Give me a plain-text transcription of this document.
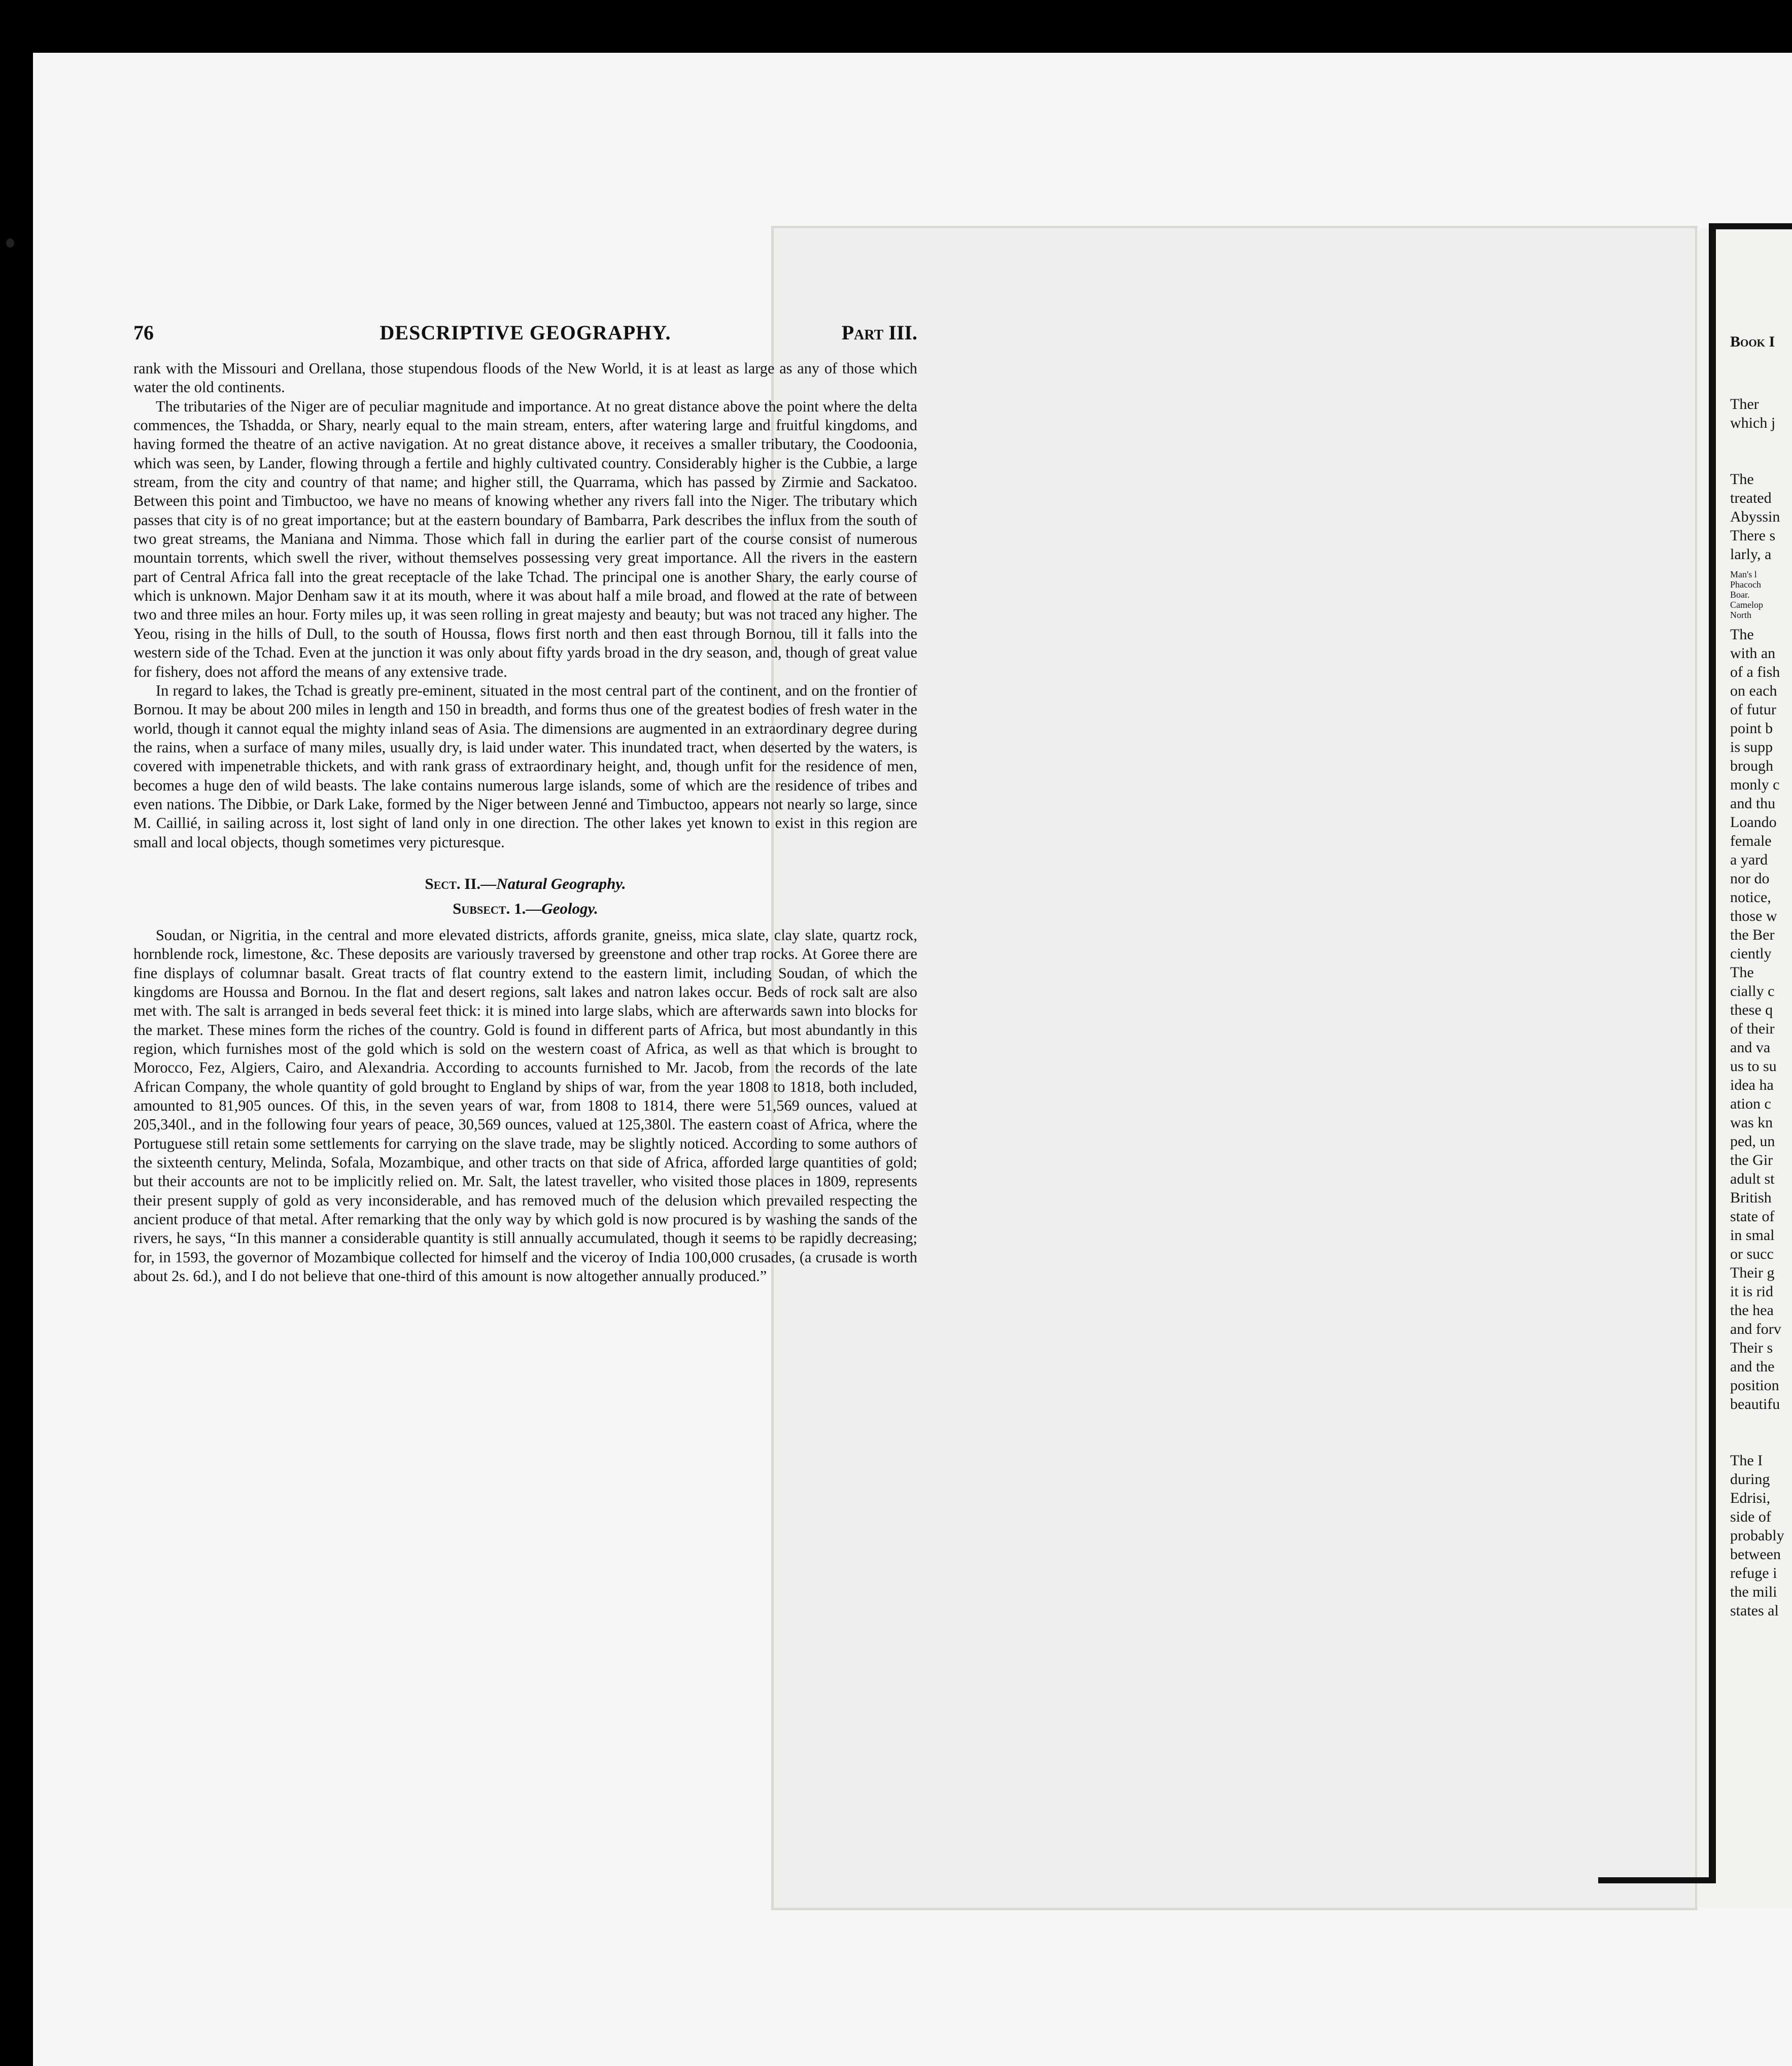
76	DESCRIPTIVE GEOGRAPHY.	Part III.

rank with the Missouri and Orellana, those stupendous floods of the New World, it is at least as large as any of those which water the old continents.

The tributaries of the Niger are of peculiar magnitude and importance. At no great distance above the point where the delta commences, the Tshadda, or Shary, nearly equal to the main stream, enters, after watering large and fruitful kingdoms, and having formed the theatre of an active navigation. At no great distance above, it receives a smaller tributary, the Coodoonia, which was seen, by Lander, flowing through a fertile and highly cultivated country. Considerably higher is the Cubbie, a large stream, from the city and country of that name; and higher still, the Quarrama, which has passed by Zirmie and Sackatoo. Between this point and Timbuctoo, we have no means of knowing whether any rivers fall into the Niger. The tributary which passes that city is of no great importance; but at the eastern boundary of Bambarra, Park describes the influx from the south of two great streams, the Maniana and Nimma. Those which fall in during the earlier part of the course consist of numerous mountain torrents, which swell the river, without themselves possessing very great importance. All the rivers in the eastern part of Central Africa fall into the great receptacle of the lake Tchad. The principal one is another Shary, the early course of which is unknown. Major Denham saw it at its mouth, where it was about half a mile broad, and flowed at the rate of between two and three miles an hour. Forty miles up, it was seen rolling in great majesty and beauty; but was not traced any higher. The Yeou, rising in the hills of Dull, to the south of Houssa, flows first north and then east through Bornou, till it falls into the western side of the Tchad. Even at the junction it was only about fifty yards broad in the dry season, and, though of great value for fishery, does not afford the means of any extensive trade.

In regard to lakes, the Tchad is greatly pre-eminent, situated in the most central part of the continent, and on the frontier of Bornou. It may be about 200 miles in length and 150 in breadth, and forms thus one of the greatest bodies of fresh water in the world, though it cannot equal the mighty inland seas of Asia. The dimensions are augmented in an extraordinary degree during the rains, when a surface of many miles, usually dry, is laid under water. This inundated tract, when deserted by the waters, is covered with impenetrable thickets, and with rank grass of extraordinary height, and, though unfit for the residence of men, becomes a huge den of wild beasts. The lake contains numerous large islands, some of which are the residence of tribes and even nations. The Dibbie, or Dark Lake, formed by the Niger between Jenné and Timbuctoo, appears not nearly so large, since M. Caillié, in sailing across it, lost sight of land only in one direction. The other lakes yet known to exist in this region are small and local objects, though sometimes very picturesque.

Sect. II.—Natural Geography.
Subsect. 1.—Geology.

Soudan, or Nigritia, in the central and more elevated districts, affords granite, gneiss, mica slate, clay slate, quartz rock, hornblende rock, limestone, &c. These deposits are variously traversed by greenstone and other trap rocks. At Goree there are fine displays of columnar basalt. Great tracts of flat country extend to the eastern limit, including Soudan, of which the kingdoms are Houssa and Bornou. In the flat and desert regions, salt lakes and natron lakes occur. Beds of rock salt are also met with. The salt is arranged in beds several feet thick: it is mined into large slabs, which are afterwards sawn into blocks for the market. These mines form the riches of the country. Gold is found in different parts of Africa, but most abundantly in this region, which furnishes most of the gold which is sold on the western coast of Africa, as well as that which is brought to Morocco, Fez, Algiers, Cairo, and Alexandria. According to accounts furnished to Mr. Jacob, from the records of the late African Company, the whole quantity of gold brought to England by ships of war, from the year 1808 to 1818, both included, amounted to 81,905 ounces. Of this, in the seven years of war, from 1808 to 1814, there were 51,569 ounces, valued at 205,340l., and in the following four years of peace, 30,569 ounces, valued at 125,380l. The eastern coast of Africa, where the Portuguese still retain some settlements for carrying on the slave trade, may be slightly noticed. According to some authors of the sixteenth century, Melinda, Sofala, Mozambique, and other tracts on that side of Africa, afforded large quantities of gold; but their accounts are not to be implicitly relied on. Mr. Salt, the latest traveller, who visited those places in 1809, represents their present supply of gold as very inconsiderable, and has removed much of the delusion which prevailed respecting the ancient produce of that metal. After remarking that the only way by which gold is now procured is by washing the sands of the rivers, he says, “In this manner a considerable quantity is still annually accumulated, though it seems to be rapidly decreasing; for, in 1593, the governor of Mozambique collected for himself and the viceroy of India 100,000 crusades, (a crusade is worth about 2s. 6d.), and I do not believe that one-third of this amount is now altogether annually produced.”

Book I
Ther
which j
The
treated
Abyssin
There s
larly, a
Man's l
Phacoch
Boar.
Camelop
North
The
with an
of a fish
on each
of futur
point b
is supp
brough
monly c
and thu
Loando
female
a yard
nor do
notice,
those w
the Ber
ciently
The
cially c
these q
of their
and va
us to su
idea ha
ation c
was kn
ped, un
the Gir
adult st
British
state of
in smal
or succ
Their g
it is rid
the hea
and forv
Their s
and the
position
beautifu
The I
during
Edrisi,
side of
probably
between
refuge i
the mili
states al
